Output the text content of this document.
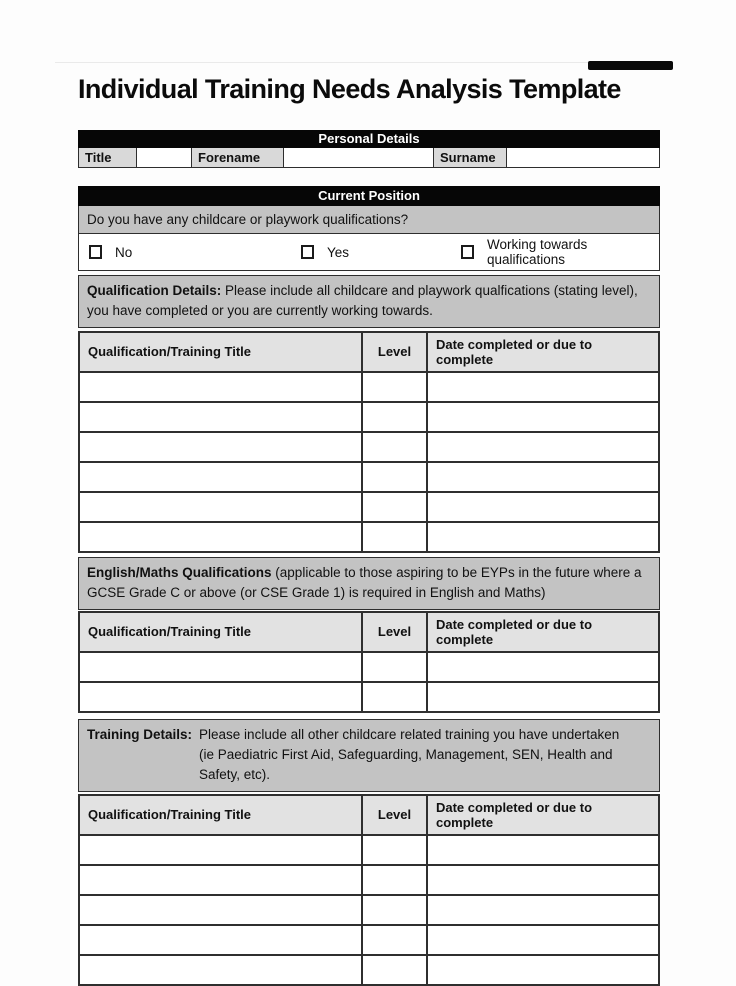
Individual Training Needs Analysis Template
Personal Details
Title	Forename	Surname
Current Position
Do you have any childcare or playwork qualifications?
No	Yes	Working towards qualifications
Qualification Details: Please include all childcare and playwork qualfications (stating level), you have completed or you are currently working towards.
Qualification/Training Title	Level	Date completed or due to complete

English/Maths Qualifications (applicable to those aspiring to be EYPs in the future where a GCSE Grade C or above (or CSE Grade 1) is required in English and Maths)
Qualification/Training Title	Level	Date completed or due to complete

Training Details: Please include all other childcare related training you have undertaken
(ie Paediatric First Aid, Safeguarding, Management, SEN, Health and Safety, etc).
Qualification/Training Title	Level	Date completed or due to complete
